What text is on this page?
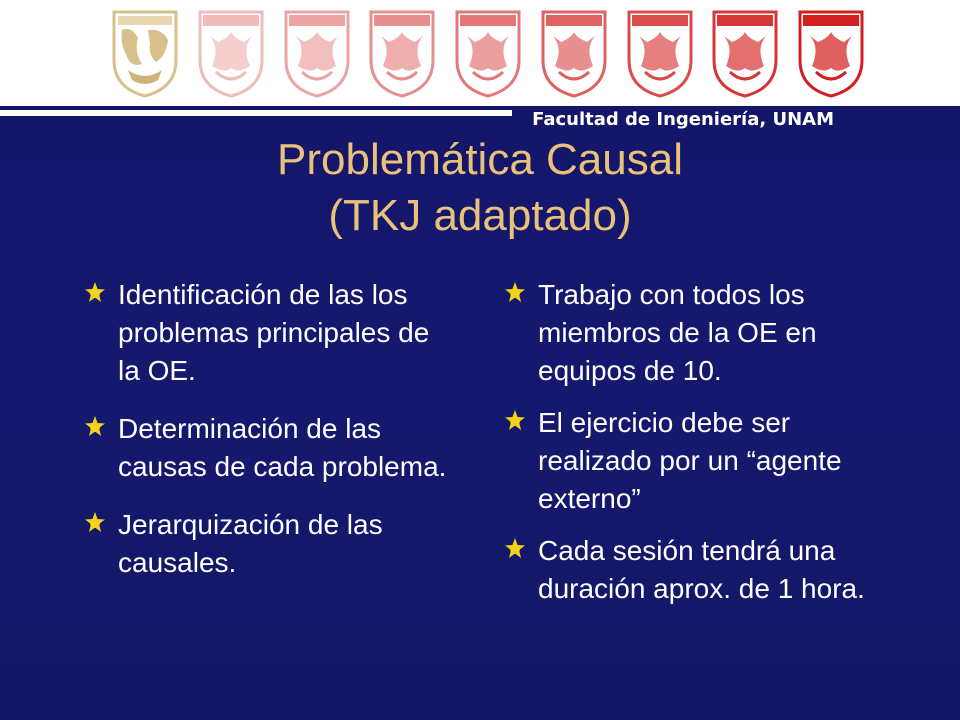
Facultad de Ingeniería, UNAM
Problemática Causal
(TKJ adaptado)
Identificación de las los problemas principales de la OE.
Determinación de las causas de cada problema.
Jerarquización de las causales.
Trabajo con todos los miembros de la OE en equipos de 10.
El ejercicio debe ser realizado por un “agente externo”
Cada sesión tendrá una duración aprox. de 1 hora.
